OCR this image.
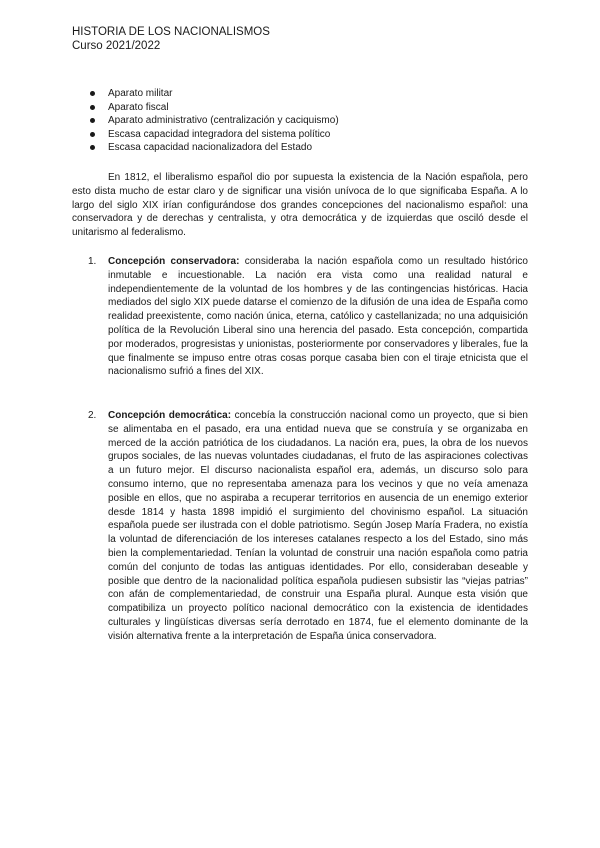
HISTORIA DE LOS NACIONALISMOS
Curso 2021/2022
Aparato militar
Aparato fiscal
Aparato administrativo (centralización y caciquismo)
Escasa capacidad integradora del sistema político
Escasa capacidad nacionalizadora del Estado

En 1812, el liberalismo español dio por supuesta la existencia de la Nación española, pero esto dista mucho de estar claro y de significar una visión unívoca de lo que significaba España. A lo largo del siglo XIX irían configurándose dos grandes concepciones del nacionalismo español: una conservadora y de derechas y centralista, y otra democrática y de izquierdas que osciló desde el unitarismo al federalismo.

1. Concepción conservadora: consideraba la nación española como un resultado histórico inmutable e incuestionable. La nación era vista como una realidad natural e independientemente de la voluntad de los hombres y de las contingencias históricas. Hacia mediados del siglo XIX puede datarse el comienzo de la difusión de una idea de España como realidad preexistente, como nación única, eterna, católico y castellanizada; no una adquisición política de la Revolución Liberal sino una herencia del pasado. Esta concepción, compartida por moderados, progresistas y unionistas, posteriormente por conservadores y liberales, fue la que finalmente se impuso entre otras cosas porque casaba bien con el tiraje etnicista que el nacionalismo sufrió a fines del XIX.

2. Concepción democrática: concebía la construcción nacional como un proyecto, que si bien se alimentaba en el pasado, era una entidad nueva que se construía y se organizaba en merced de la acción patriótica de los ciudadanos. La nación era, pues, la obra de los nuevos grupos sociales, de las nuevas voluntades ciudadanas, el fruto de las aspiraciones colectivas a un futuro mejor. El discurso nacionalista español era, además, un discurso solo para consumo interno, que no representaba amenaza para los vecinos y que no veía amenaza posible en ellos, que no aspiraba a recuperar territorios en ausencia de un enemigo exterior desde 1814 y hasta 1898 impidió el surgimiento del chovinismo español. La situación española puede ser ilustrada con el doble patriotismo. Según Josep María Fradera, no existía la voluntad de diferenciación de los intereses catalanes respecto a los del Estado, sino más bien la complementariedad. Tenían la voluntad de construir una nación española como patria común del conjunto de todas las antiguas identidades. Por ello, consideraban deseable y posible que dentro de la nacionalidad política española pudiesen subsistir las “viejas patrias” con afán de complementariedad, de construir una España plural. Aunque esta visión que compatibiliza un proyecto político nacional democrático con la existencia de identidades culturales y lingüísticas diversas sería derrotado en 1874, fue el elemento dominante de la visión alternativa frente a la interpretación de España única conservadora.
